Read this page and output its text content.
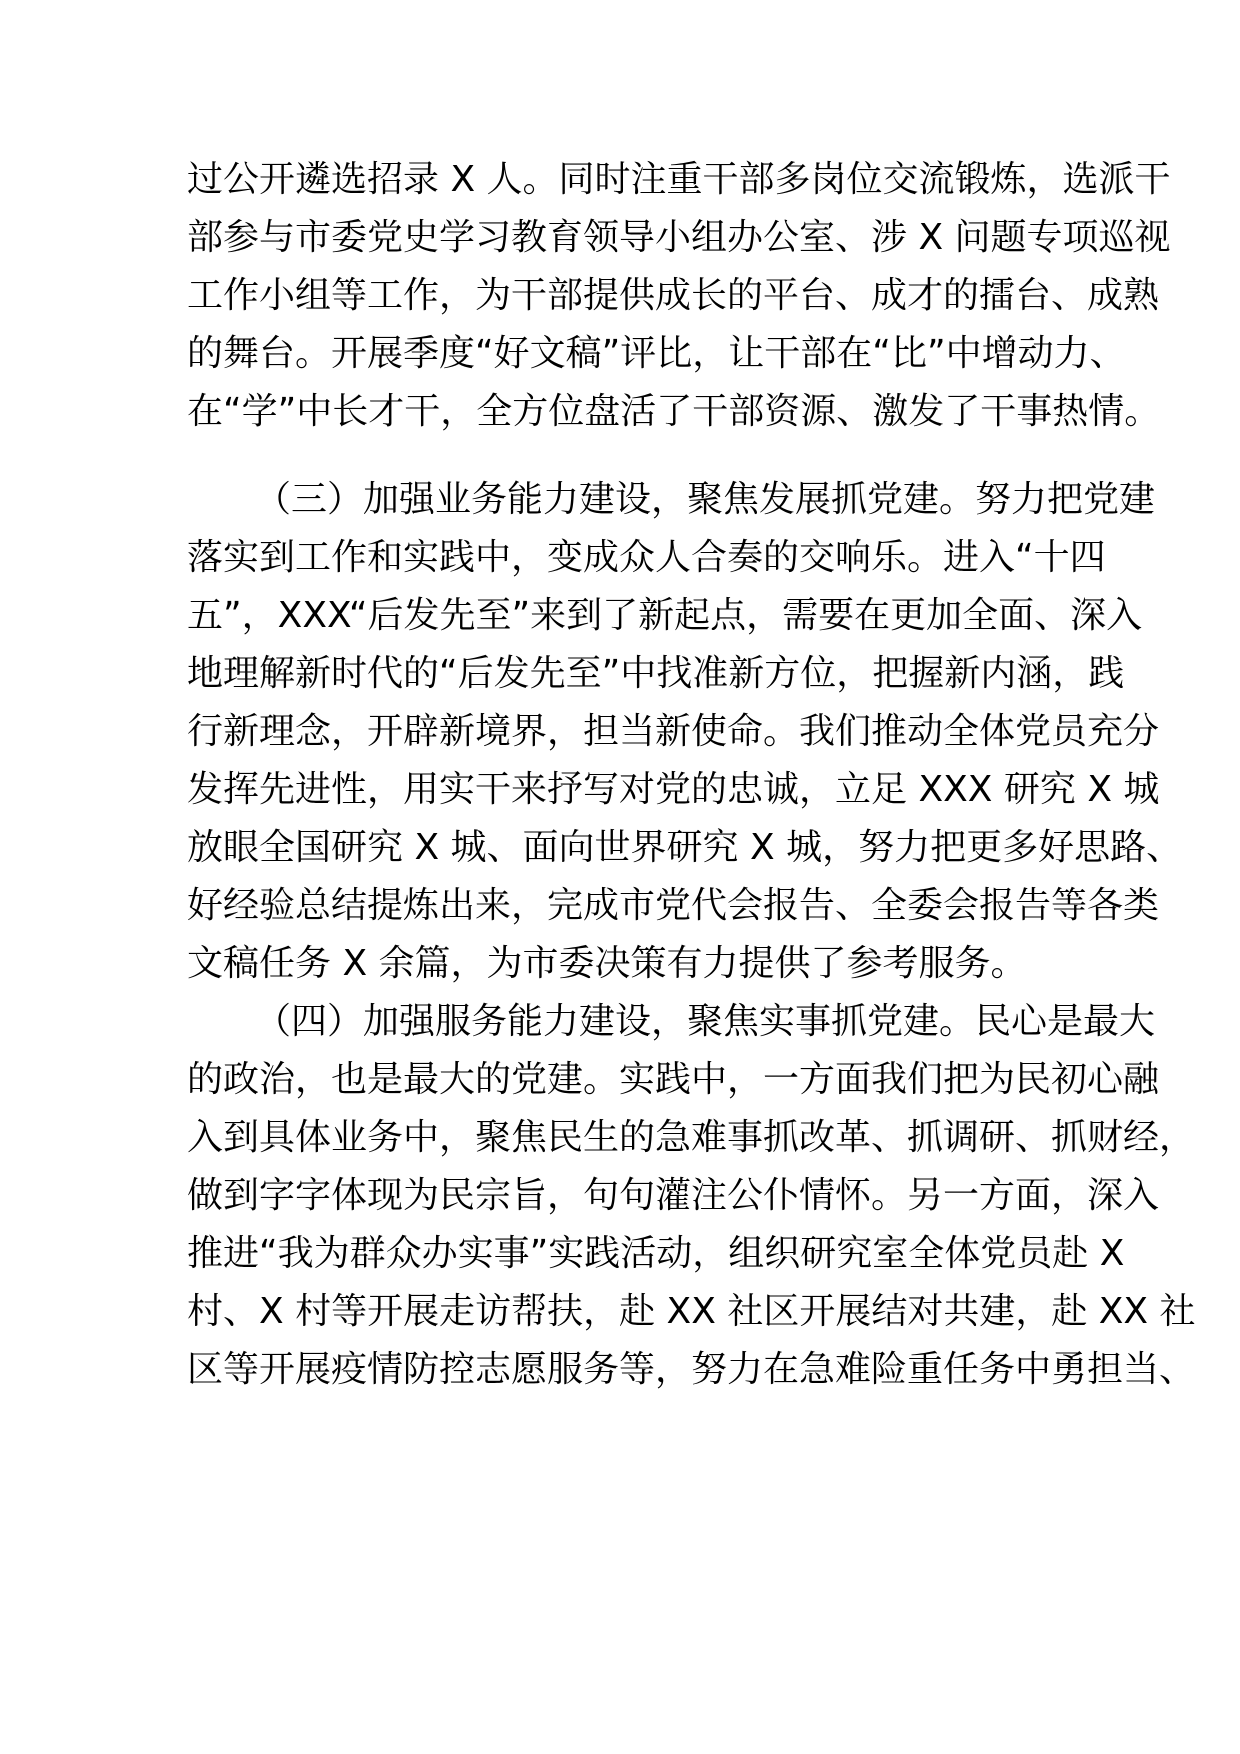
过公开遴选招录 X 人。同时注重干部多岗位交流锻炼，选派干

部参与市委党史学习教育领导小组办公室、涉 X 问题专项巡视

工作小组等工作，为干部提供成长的平台、成才的擂台、成熟

的舞台。开展季度“好文稿”评比，让干部在“比”中增动力、

在“学”中长才干，全方位盘活了干部资源、激发了干事热情。

（三）加强业务能力建设，聚焦发展抓党建。努力把党建

落实到工作和实践中，变成众人合奏的交响乐。进入“十四

五”，XXX“后发先至”来到了新起点，需要在更加全面、深入

地理解新时代的“后发先至”中找准新方位，把握新内涵，践

行新理念，开辟新境界，担当新使命。我们推动全体党员充分

发挥先进性，用实干来抒写对党的忠诚，立足 XXX 研究 X 城

放眼全国研究 X 城、面向世界研究 X 城，努力把更多好思路、

好经验总结提炼出来，完成市党代会报告、全委会报告等各类

文稿任务 X 余篇，为市委决策有力提供了参考服务。

（四）加强服务能力建设，聚焦实事抓党建。民心是最大

的政治，也是最大的党建。实践中，一方面我们把为民初心融

入到具体业务中，聚焦民生的急难事抓改革、抓调研、抓财经，

做到字字体现为民宗旨，句句灌注公仆情怀。另一方面，深入

推进“我为群众办实事”实践活动，组织研究室全体党员赴 X

村、X 村等开展走访帮扶，赴 XX 社区开展结对共建，赴 XX 社

区等开展疫情防控志愿服务等，努力在急难险重任务中勇担当、
